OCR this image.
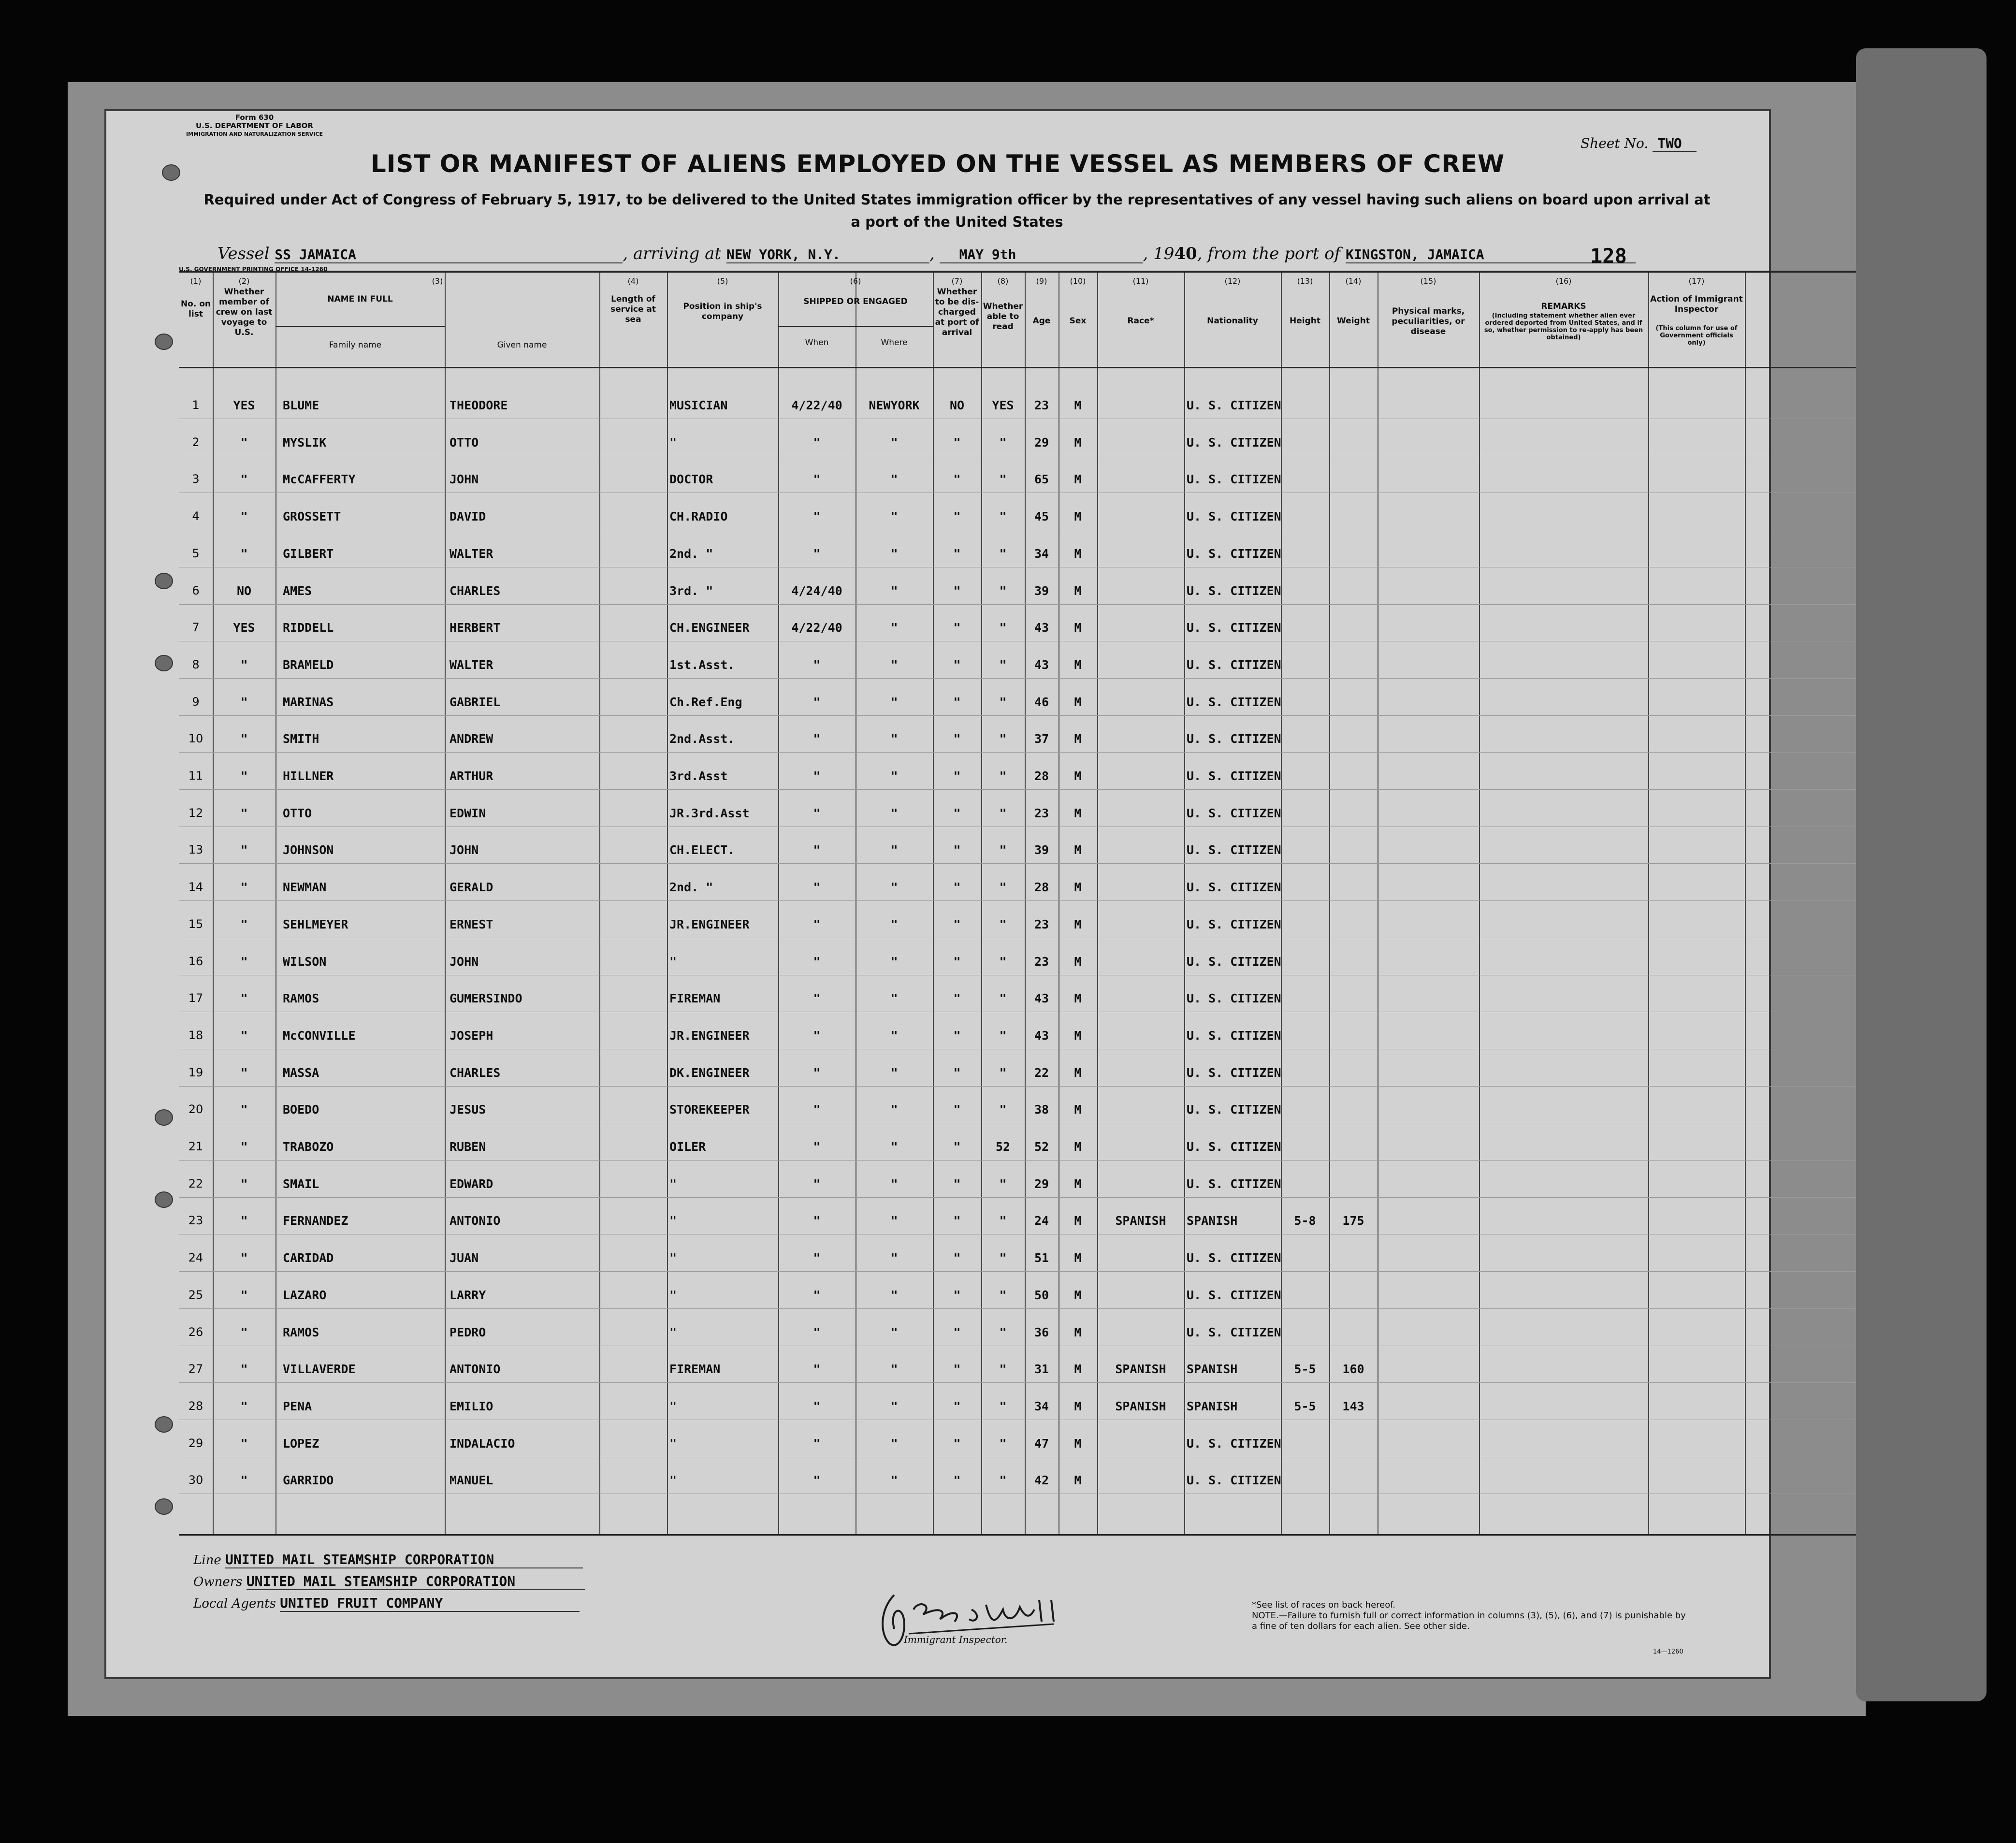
Form 630
U.S. DEPARTMENT OF LABOR
IMMIGRATION AND NATURALIZATION SERVICE
Sheet No. TWO
LIST OR MANIFEST OF ALIENS EMPLOYED ON THE VESSEL AS MEMBERS OF CREW
Required under Act of Congress of February 5, 1917, to be delivered to the United States immigration officer by the representatives of any vessel having such aliens on board upon arrival at a port of the United States
Vessel SS JAMAICA	, arriving at NEW YORK, N.Y.	, MAY 9th	, 1940, from the port of KINGSTON, JAMAICA	128
U.S. GOVERNMENT PRINTING OFFICE 14-1260
(1)	(2)	(3)	(4)	(5)	(6)	(7)	(8)	(9)	(10)	(11)	(12)	(13)	(14)	(15)	(16)	(17)
No. on list
Whether member of crew on last voyage to U.S.
NAME IN FULL
Family name	Given name
Length of service at sea
Position in ship's company
SHIPPED OR ENGAGED
When	Where
Whether to be dis-charged at port of arrival
Whether able to read
Age	Sex	Race*	Nationality	Height	Weight
Physical marks, peculiarities, or disease
REMARKS
(Including statement whether alien ever ordered deported from United States, and if so, whether permission to re-apply has been obtained)
Action of Immigrant Inspector
(This column for use of Government officials only)
1	YES	BLUME	THEODORE	MUSICIAN	4/22/40	NEWYORK	NO	YES	23	M	U. S. CITIZEN
2	"	MYSLIK	OTTO	"	"	"	"	"	29	M	U. S. CITIZEN
3	"	McCAFFERTY	JOHN	DOCTOR	"	"	"	"	65	M	U. S. CITIZEN
4	"	GROSSETT	DAVID	CH.RADIO	"	"	"	"	45	M	U. S. CITIZEN
5	"	GILBERT	WALTER	2nd. "	"	"	"	"	34	M	U. S. CITIZEN
6	NO	AMES	CHARLES	3rd. "	4/24/40	"	"	"	39	M	U. S. CITIZEN
7	YES	RIDDELL	HERBERT	CH.ENGINEER	4/22/40	"	"	"	43	M	U. S. CITIZEN
8	"	BRAMELD	WALTER	1st.Asst.	"	"	"	"	43	M	U. S. CITIZEN
9	"	MARINAS	GABRIEL	Ch.Ref.Eng	"	"	"	"	46	M	U. S. CITIZEN
10	"	SMITH	ANDREW	2nd.Asst.	"	"	"	"	37	M	U. S. CITIZEN
11	"	HILLNER	ARTHUR	3rd.Asst	"	"	"	"	28	M	U. S. CITIZEN
12	"	OTTO	EDWIN	JR.3rd.Asst	"	"	"	"	23	M	U. S. CITIZEN
13	"	JOHNSON	JOHN	CH.ELECT.	"	"	"	"	39	M	U. S. CITIZEN
14	"	NEWMAN	GERALD	2nd. "	"	"	"	"	28	M	U. S. CITIZEN
15	"	SEHLMEYER	ERNEST	JR.ENGINEER	"	"	"	"	23	M	U. S. CITIZEN
16	"	WILSON	JOHN	"	"	"	"	"	23	M	U. S. CITIZEN
17	"	RAMOS	GUMERSINDO	FIREMAN	"	"	"	"	43	M	U. S. CITIZEN
18	"	McCONVILLE	JOSEPH	JR.ENGINEER	"	"	"	"	43	M	U. S. CITIZEN
19	"	MASSA	CHARLES	DK.ENGINEER	"	"	"	"	22	M	U. S. CITIZEN
20	"	BOEDO	JESUS	STOREKEEPER	"	"	"	"	38	M	U. S. CITIZEN
21	"	TRABOZO	RUBEN	OILER	"	"	"	52	52	M	U. S. CITIZEN
22	"	SMAIL	EDWARD	"	"	"	"	"	29	M	U. S. CITIZEN
23	"	FERNANDEZ	ANTONIO	"	"	"	"	"	24	M	SPANISH	SPANISH	5-8	175
24	"	CARIDAD	JUAN	"	"	"	"	"	51	M	U. S. CITIZEN
25	"	LAZARO	LARRY	"	"	"	"	"	50	M	U. S. CITIZEN
26	"	RAMOS	PEDRO	"	"	"	"	"	36	M	U. S. CITIZEN
27	"	VILLAVERDE	ANTONIO	FIREMAN	"	"	"	"	31	M	SPANISH	SPANISH	5-5	160
28	"	PENA	EMILIO	"	"	"	"	"	34	M	SPANISH	SPANISH	5-5	143
29	"	LOPEZ	INDALACIO	"	"	"	"	"	47	M	U. S. CITIZEN
30	"	GARRIDO	MANUEL	"	"	"	"	"	42	M	U. S. CITIZEN
Line UNITED MAIL STEAMSHIP CORPORATION
Owners UNITED MAIL STEAMSHIP CORPORATION
Local Agents UNITED FRUIT COMPANY
Immigrant Inspector.
*See list of races on back hereof.
NOTE.—Failure to furnish full or correct information in columns (3), (5), (6), and (7) is punishable by a fine of ten dollars for each alien. See other side.
14—1260
